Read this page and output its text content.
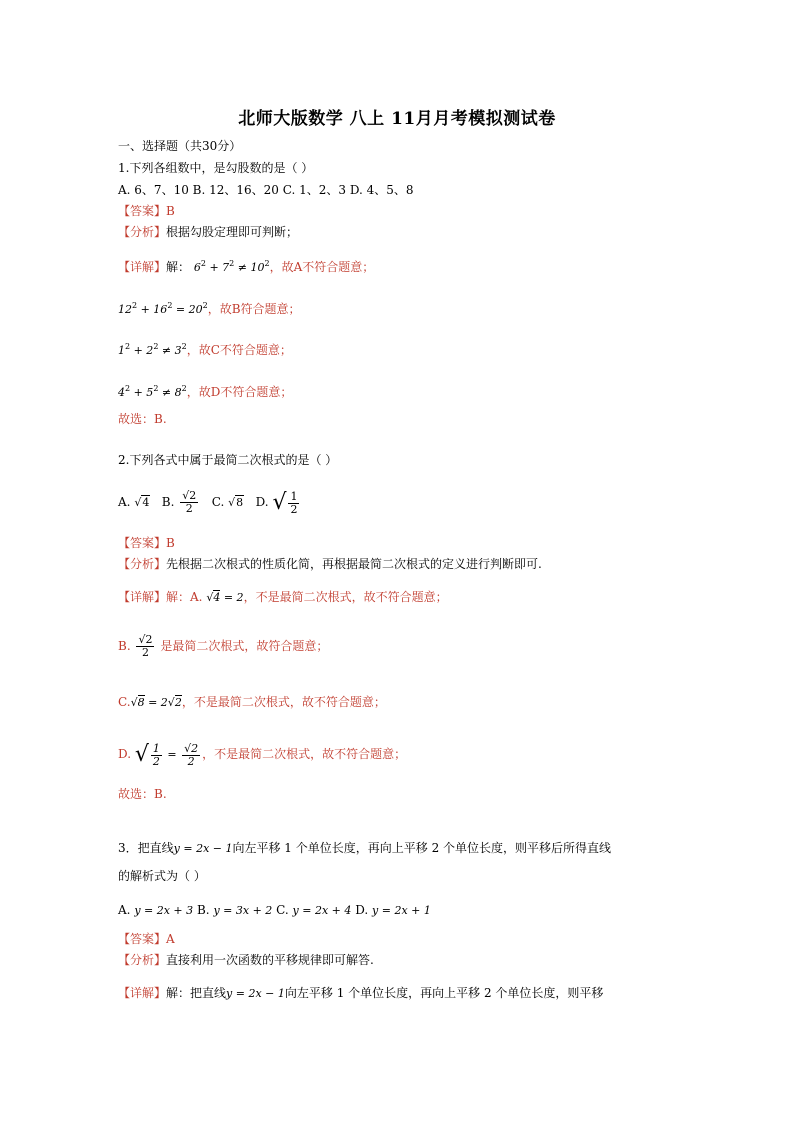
北师大版数学 八上 11月月考模拟测试卷
一、选择题（共30分）
1.下列各组数中，是勾股数的是（ ）
A. 6、7、10 B. 12、16、20 C. 1、2、3 D. 4、5、8
【答案】B
【分析】根据勾股定理即可判断；
【详解】解： $6^2 + 7^2 \ne 10^2$，故A不符合题意；
$12^2 + 16^2 = 20^2$，故B符合题意；
$1^2 + 2^2 \ne 3^2$，故C不符合题意；
$4^2 + 5^2 \ne 8^2$，故D不符合题意；
故选：B.
2.下列各式中属于最简二次根式的是（ ）
A. √4 B. $\frac{√2}{2} C$. √8 D. √ $\frac{1}{2}$
【答案】B
【分析】先根据二次根式的性质化简，再根据最简二次根式的定义进行判断即可.
【详解】解：A. √4 = 2，不是最简二次根式，故不符合题意；
B. $\frac{√2}{2}$ 是最简二次根式，故符合题意；
C.√8 = 2√2，不是最简二次根式，故不符合题意；
D. √ $\frac{1}{2} = \frac{√2}{2}$ ，不是最简二次根式，故不符合题意；
故选：B.
3．把直线y = 2x − 1向左平移 1 个单位长度，再向上平移 2 个单位长度，则平移后所得直线
的解析式为（ ）
A. y = 2x + 3 B. y = 3x + 2 C. y = 2x + 4 D. y = 2x + 1
【答案】A
【分析】直接利用一次函数的平移规律即可解答.
【详解】解：把直线y = 2x − 1向左平移 1 个单位长度，再向上平移 2 个单位长度，则平移
